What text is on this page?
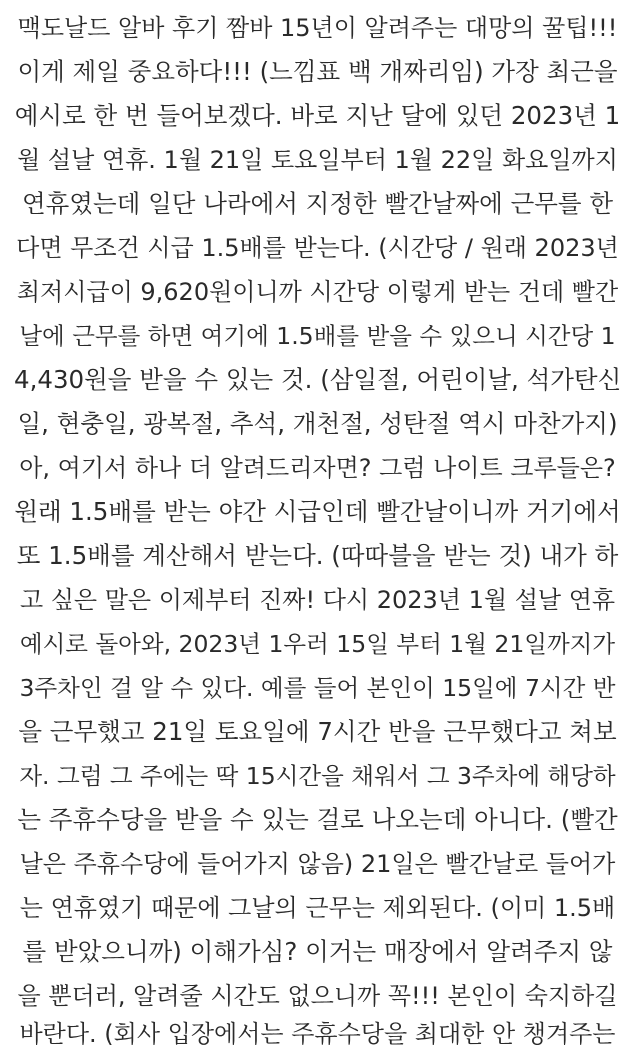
맥도날드 알바 후기 짬바 15년이 알려주는 대망의 꿀팁!!!
이게 제일 중요하다!!! (느낌표 백 개짜리임) 가장 최근을
예시로 한 번 들어보겠다. 바로 지난 달에 있던 2023년 1
월 설날 연휴. 1월 21일 토요일부터 1월 22일 화요일까지
연휴였는데 일단 나라에서 지정한 빨간날짜에 근무를 한
다면 무조건 시급 1.5배를 받는다. (시간당 / 원래 2023년
최저시급이 9,620원이니까 시간당 이렇게 받는 건데 빨간
날에 근무를 하면 여기에 1.5배를 받을 수 있으니 시간당 1
4,430원을 받을 수 있는 것. (삼일절, 어린이날, 석가탄신
일, 현충일, 광복절, 추석, 개천절, 성탄절 역시 마찬가지)
아, 여기서 하나 더 알려드리자면? 그럼 나이트 크루들은?
원래 1.5배를 받는 야간 시급인데 빨간날이니까 거기에서
또 1.5배를 계산해서 받는다. (따따블을 받는 것) 내가 하
고 싶은 말은 이제부터 진짜! 다시 2023년 1월 설날 연휴
예시로 돌아와, 2023년 1우러 15일 부터 1월 21일까지가
3주차인 걸 알 수 있다. 예를 들어 본인이 15일에 7시간 반
을 근무했고 21일 토요일에 7시간 반을 근무했다고 쳐보
자. 그럼 그 주에는 딱 15시간을 채워서 그 3주차에 해당하
는 주휴수당을 받을 수 있는 걸로 나오는데 아니다. (빨간
날은 주휴수당에 들어가지 않음) 21일은 빨간날로 들어가
는 연휴였기 때문에 그날의 근무는 제외된다. (이미 1.5배
를 받았으니까) 이해가심? 이거는 매장에서 알려주지 않
을 뿐더러, 알려줄 시간도 없으니까 꼭!!! 본인이 숙지하길
바란다. (회사 입장에서는 주휴수당을 최대한 안 챙겨주는
